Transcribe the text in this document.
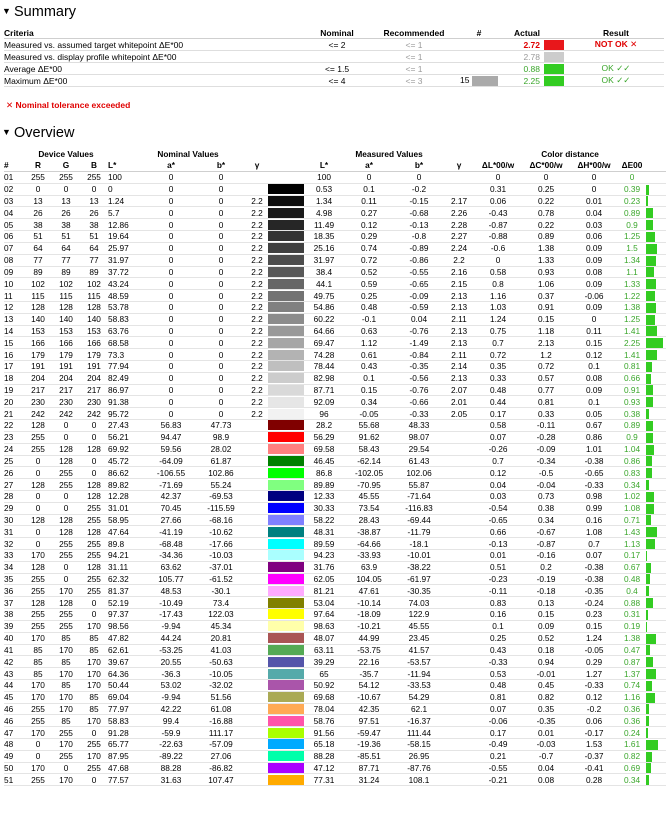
▼ Summary
Criteria	Nominal	Recommended	#	Actual		Result
Measured vs. assumed target whitepoint ΔE*00	<= 2	<= 1		2.72		NOT OK ✕
Measured vs. display profile whitepoint ΔE*00		<= 1		2.78		
Average ΔE*00	<= 1.5	<= 1		0.88		OK ✓✓
Maximum ΔE*00	<= 4	<= 3	15	2.25		OK ✓✓
✕ Nominal tolerance exceeded
▼ Overview
	Device Values			Nominal Values					Measured Values				Color distance				
#	R	G	B	L*	a*	b*	γ		L*	a*	b*	γ	ΔL*00/w	ΔC*00/w	ΔH*00/w	ΔE00	
01	255	255	255	100	0	0			100	0	0		0	0	0	0	
02	0	0	0	0	0	0			0.53	0.1	-0.2		0.31	0.25	0	0.39	
03	13	13	13	1.24	0	0	2.2		1.34	0.11	-0.15	2.17	0.06	0.22	0.01	0.23	
04	26	26	26	5.7	0	0	2.2		4.98	0.27	-0.68	2.26	-0.43	0.78	0.04	0.89	
05	38	38	38	12.86	0	0	2.2		11.49	0.12	-0.13	2.28	-0.87	0.22	0.03	0.9	
06	51	51	51	19.64	0	0	2.2		18.35	0.29	-0.8	2.27	-0.88	0.89	0.06	1.25	
07	64	64	64	25.97	0	0	2.2		25.16	0.74	-0.89	2.24	-0.6	1.38	0.09	1.5	
08	77	77	77	31.97	0	0	2.2		31.97	0.72	-0.86	2.2	0	1.33	0.09	1.34	
09	89	89	89	37.72	0	0	2.2		38.4	0.52	-0.55	2.16	0.58	0.93	0.08	1.1	
10	102	102	102	43.24	0	0	2.2		44.1	0.59	-0.65	2.15	0.8	1.06	0.09	1.33	
11	115	115	115	48.59	0	0	2.2		49.75	0.25	-0.09	2.13	1.16	0.37	-0.06	1.22	
12	128	128	128	53.78	0	0	2.2		54.86	0.48	-0.59	2.13	1.03	0.91	0.09	1.38	
13	140	140	140	58.83	0	0	2.2		60.22	-0.1	0.04	2.11	1.24	0.15	0	1.25	
14	153	153	153	63.76	0	0	2.2		64.66	0.63	-0.76	2.13	0.75	1.18	0.11	1.41	
15	166	166	166	68.58	0	0	2.2		69.47	1.12	-1.49	2.13	0.7	2.13	0.15	2.25	
16	179	179	179	73.3	0	0	2.2		74.28	0.61	-0.84	2.11	0.72	1.2	0.12	1.41	
17	191	191	191	77.94	0	0	2.2		78.44	0.43	-0.35	2.14	0.35	0.72	0.1	0.81	
18	204	204	204	82.49	0	0	2.2		82.98	0.1	-0.56	2.13	0.33	0.57	0.08	0.66	
19	217	217	217	86.97	0	0	2.2		87.71	0.15	-0.76	2.07	0.48	0.77	0.09	0.91	
20	230	230	230	91.38	0	0	2.2		92.09	0.34	-0.66	2.01	0.44	0.81	0.1	0.93	
21	242	242	242	95.72	0	0	2.2		96	-0.05	-0.33	2.05	0.17	0.33	0.05	0.38	
22	128	0	0	27.43	56.83	47.73			28.2	55.68	48.33		0.58	-0.11	0.67	0.89	
23	255	0	0	56.21	94.47	98.9			56.29	91.62	98.07		0.07	-0.28	0.86	0.9	
24	255	128	128	69.92	59.56	28.02			69.58	58.43	29.54		-0.26	-0.09	1.01	1.04	
25	0	128	0	45.72	-64.09	61.87			46.45	-62.14	61.43		0.7	-0.34	-0.38	0.86	
26	0	255	0	86.62	-106.55	102.86			86.8	-102.05	102.06		0.12	-0.5	-0.65	0.83	
27	128	255	128	89.82	-71.69	55.24			89.89	-70.95	55.87		0.04	-0.04	-0.33	0.34	
28	0	0	128	12.28	42.37	-69.53			12.33	45.55	-71.64		0.03	0.73	0.98	1.02	
29	0	0	255	31.01	70.45	-115.59			30.33	73.54	-116.83		-0.54	0.38	0.99	1.08	
30	128	128	255	58.95	27.66	-68.16			58.22	28.43	-69.44		-0.65	0.34	0.16	0.71	
31	0	128	128	47.64	-41.19	-10.62			48.31	-38.87	-11.79		0.66	-0.67	1.08	1.43	
32	0	255	255	89.8	-68.48	-17.66			89.59	-64.66	-18.1		-0.13	-0.87	0.7	1.13	
33	170	255	255	94.21	-34.36	-10.03			94.23	-33.93	-10.01		0.01	-0.16	0.07	0.17	
34	128	0	128	31.11	63.62	-37.01			31.76	63.9	-38.22		0.51	0.2	-0.38	0.67	
35	255	0	255	62.32	105.77	-61.52			62.05	104.05	-61.97		-0.23	-0.19	-0.38	0.48	
36	255	170	255	81.37	48.53	-30.1			81.21	47.61	-30.35		-0.11	-0.18	-0.35	0.4	
37	128	128	0	52.19	-10.49	73.4			53.04	-10.14	74.03		0.83	0.13	-0.24	0.88	
38	255	255	0	97.37	-17.43	122.03			97.64	-18.09	122.9		0.16	0.15	0.23	0.31	
39	255	255	170	98.56	-9.94	45.34			98.63	-10.21	45.55		0.1	0.09	0.15	0.19	
40	170	85	85	47.82	44.24	20.81			48.07	44.99	23.45		0.25	0.52	1.24	1.38	
41	85	170	85	62.61	-53.25	41.03			63.11	-53.75	41.57		0.43	0.18	-0.05	0.47	
42	85	85	170	39.67	20.55	-50.63			39.29	22.16	-53.57		-0.33	0.94	0.29	0.87	
43	85	170	170	64.36	-36.3	-10.05			65	-35.7	-11.94		0.53	-0.01	1.27	1.37	
44	170	85	170	50.44	53.02	-32.02			50.92	54.12	-33.53		0.48	0.45	-0.33	0.74	
45	170	170	85	69.04	-9.94	51.56			69.68	-10.67	54.29		0.81	0.82	0.12	1.16	
46	255	170	85	77.97	42.22	61.08			78.04	42.35	62.1		0.07	0.35	-0.2	0.36	
46	255	85	170	58.83	99.4	-16.88			58.76	97.51	-16.37		-0.06	-0.35	0.06	0.36	
47	170	255	0	91.28	-59.9	111.17			91.56	-59.47	111.44		0.17	0.01	-0.17	0.24	
48	0	170	255	65.77	-22.63	-57.09			65.18	-19.36	-58.15		-0.49	-0.03	1.53	1.61	
49	0	255	170	87.95	-89.22	27.06			88.28	-85.51	26.95		0.21	-0.7	-0.37	0.82	
50	170	0	255	47.68	88.28	-86.82			47.12	87.71	-87.76		-0.55	0.04	-0.41	0.69	
51	255	170	0	77.57	31.63	107.47			77.31	31.24	108.1		-0.21	0.08	0.28	0.34	
